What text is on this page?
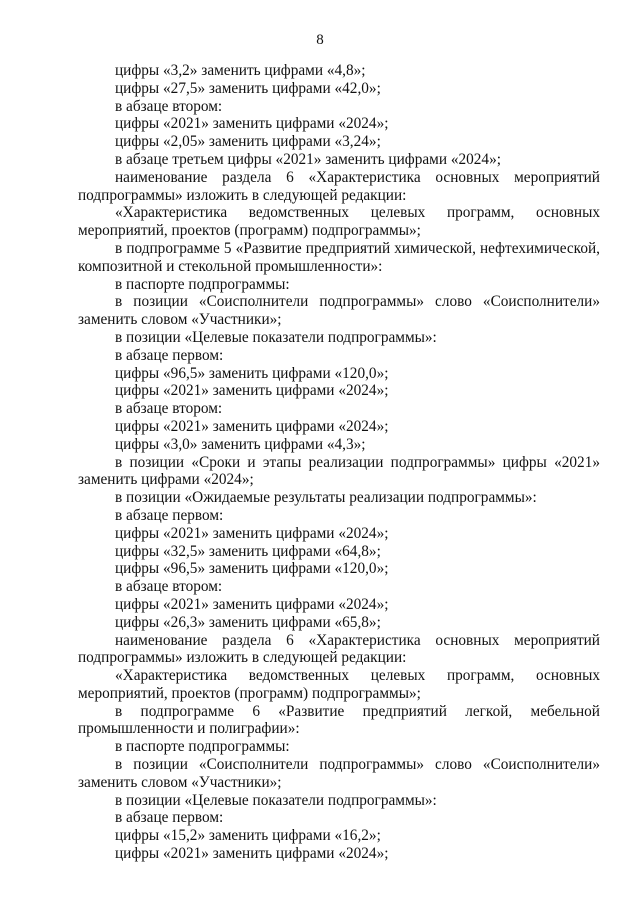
8

цифры «3,2» заменить цифрами «4,8»;

цифры «27,5» заменить цифрами «42,0»;

в абзаце втором:

цифры «2021» заменить цифрами «2024»;

цифры «2,05» заменить цифрами «3,24»;

в абзаце третьем цифры «2021» заменить цифрами «2024»;

наименование раздела 6 «Характеристика основных мероприятий подпрограммы» изложить в следующей редакции:

«Характеристика ведомственных целевых программ, основных мероприятий, проектов (программ) подпрограммы»;

в подпрограмме 5 «Развитие предприятий химической, нефтехимической, композитной и стекольной промышленности»:

в паспорте подпрограммы:

в позиции «Соисполнители подпрограммы» слово «Соисполнители» заменить словом «Участники»;

в позиции «Целевые показатели подпрограммы»:

в абзаце первом:

цифры «96,5» заменить цифрами «120,0»;

цифры «2021» заменить цифрами «2024»;

в абзаце втором:

цифры «2021» заменить цифрами «2024»;

цифры «3,0» заменить цифрами «4,3»;

в позиции «Сроки и этапы реализации подпрограммы» цифры «2021» заменить цифрами «2024»;

в позиции «Ожидаемые результаты реализации подпрограммы»:

в абзаце первом:

цифры «2021» заменить цифрами «2024»;

цифры «32,5» заменить цифрами «64,8»;

цифры «96,5» заменить цифрами «120,0»;

в абзаце втором:

цифры «2021» заменить цифрами «2024»;

цифры «26,3» заменить цифрами «65,8»;

наименование раздела 6 «Характеристика основных мероприятий подпрограммы» изложить в следующей редакции:

«Характеристика ведомственных целевых программ, основных мероприятий, проектов (программ) подпрограммы»;

в подпрограмме 6 «Развитие предприятий легкой, мебельной промышленности и полиграфии»:

в паспорте подпрограммы:

в позиции «Соисполнители подпрограммы» слово «Соисполнители» заменить словом «Участники»;

в позиции «Целевые показатели подпрограммы»:

в абзаце первом:

цифры «15,2» заменить цифрами «16,2»;

цифры «2021» заменить цифрами «2024»;
